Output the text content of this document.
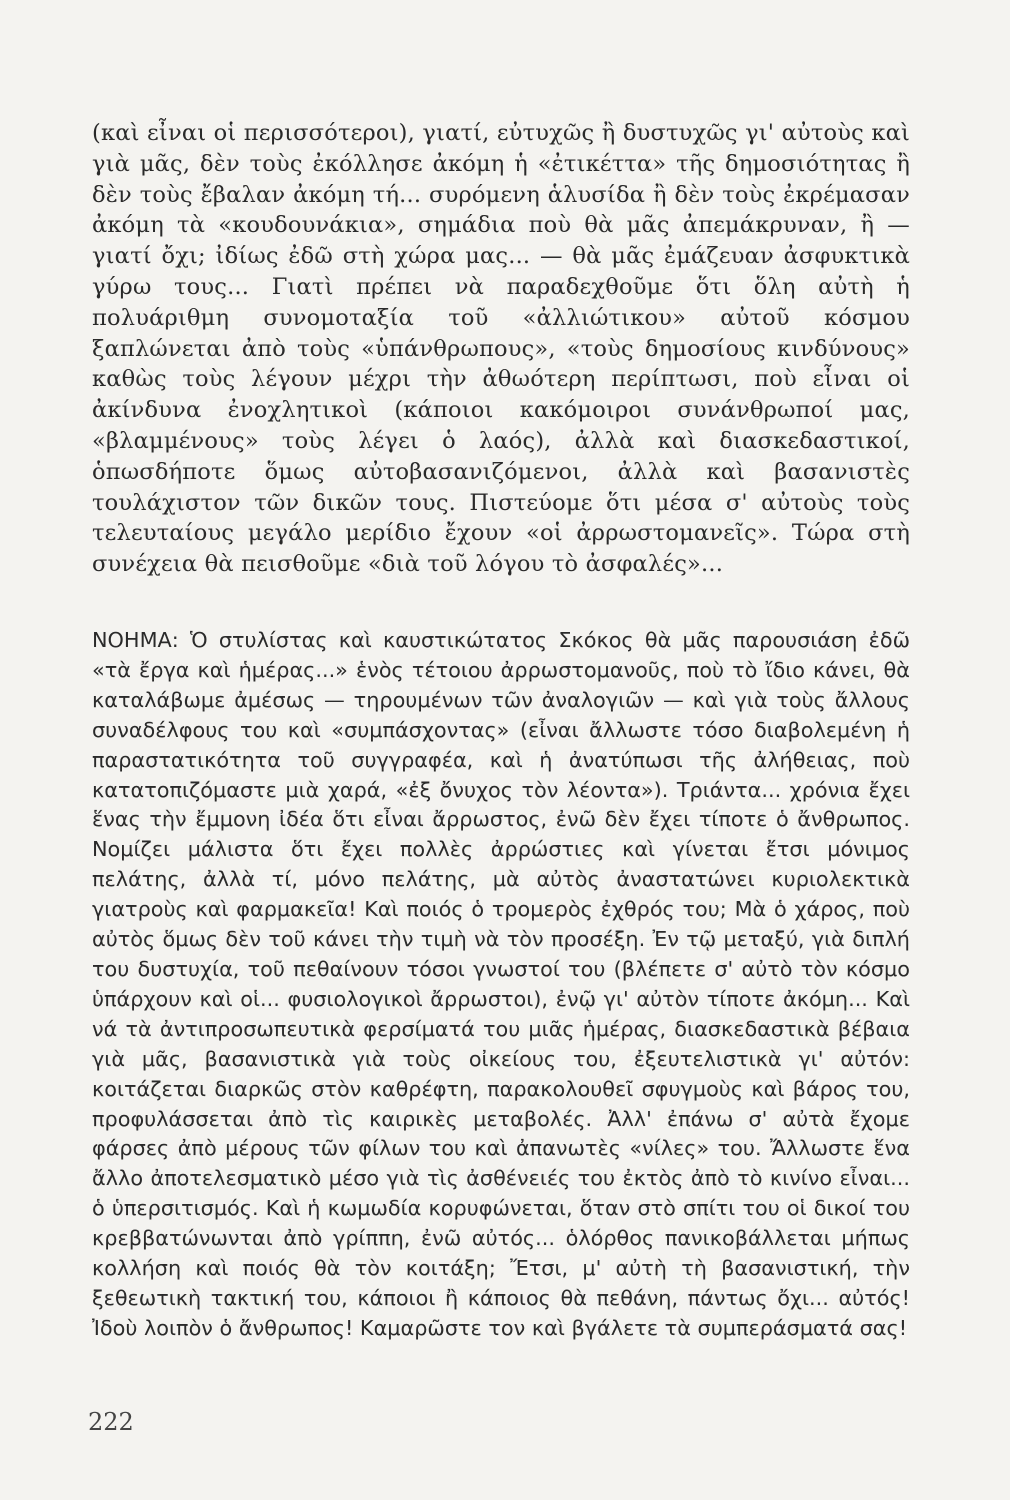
(καὶ εἶναι οἱ περισσότεροι), γιατί, εὐτυχῶς ἢ δυστυχῶς γι' αὐτοὺς καὶ γιὰ μᾶς, δὲν τοὺς ἐκόλλησε ἀκόμη ἡ «ἐτικέττα» τῆς δημοσιότητας ἢ δὲν τοὺς ἔβαλαν ἀκόμη τή... συρόμενη ἁλυσίδα ἢ δὲν τοὺς ἐκρέμασαν ἀκόμη τὰ «κουδουνάκια», σημάδια ποὺ θὰ μᾶς ἀπεμάκρυναν, ἢ — γιατί ὄχι; ἰδίως ἐδῶ στὴ χώρα μας... — θὰ μᾶς ἐμάζευαν ἀσφυκτικὰ γύρω τους... Γιατὶ πρέπει νὰ παραδεχθοῦμε ὅτι ὅλη αὐτὴ ἡ πολυάριθμη συνομοταξία τοῦ «ἀλλιώτικου» αὐτοῦ κόσμου ξαπλώνεται ἀπὸ τοὺς «ὑπάνθρωπους», «τοὺς δημοσίους κινδύνους» καθὼς τοὺς λέγουν μέχρι τὴν ἀθωότερη περίπτωσι, ποὺ εἶναι οἱ ἀκίνδυνα ἐνοχλητικοὶ (κάποιοι κακόμοιροι συνάνθρωποί μας, «βλαμμένους» τοὺς λέγει ὁ λαός), ἀλλὰ καὶ διασκεδαστικοί, ὁπωσδήποτε ὅμως αὐτοβασανιζόμενοι, ἀλλὰ καὶ βασανιστὲς τουλάχιστον τῶν δικῶν τους. Πιστεύομε ὅτι μέσα σ' αὐτοὺς τοὺς τελευταίους μεγάλο μερίδιο ἔχουν «οἱ ἀρρωστομανεῖς». Τώρα στὴ συνέχεια θὰ πεισθοῦμε «διὰ τοῦ λόγου τὸ ἀσφαλές»...

ΝΟΗΜΑ: Ὁ στυλίστας καὶ καυστικώτατος Σκόκος θὰ μᾶς παρουσιάση ἐδῶ «τὰ ἔργα καὶ ἡμέρας...» ἑνὸς τέτοιου ἀρρωστομανοῦς, ποὺ τὸ ἴδιο κάνει, θὰ καταλάβωμε ἀμέσως — τηρουμένων τῶν ἀναλογιῶν — καὶ γιὰ τοὺς ἄλλους συναδέλφους του καὶ «συμπάσχοντας» (εἶναι ἄλλωστε τόσο διαβολεμένη ἡ παραστατικότητα τοῦ συγγραφέα, καὶ ἡ ἀνατύπωσι τῆς ἀλήθειας, ποὺ κατατοπιζόμαστε μιὰ χαρά, «ἐξ ὄνυχος τὸν λέοντα»). Τριάντα... χρόνια ἔχει ἕνας τὴν ἔμμονη ἰδέα ὅτι εἶναι ἄρρωστος, ἐνῶ δὲν ἔχει τίποτε ὁ ἄνθρωπος. Νομίζει μάλιστα ὅτι ἔχει πολλὲς ἀρρώστιες καὶ γίνεται ἔτσι μόνιμος πελάτης, ἀλλὰ τί, μόνο πελάτης, μὰ αὐτὸς ἀναστατώνει κυριολεκτικὰ γιατροὺς καὶ φαρμακεῖα! Καὶ ποιός ὁ τρομερὸς ἐχθρός του; Μὰ ὁ χάρος, ποὺ αὐτὸς ὅμως δὲν τοῦ κάνει τὴν τιμὴ νὰ τὸν προσέξη. Ἐν τῷ μεταξύ, γιὰ διπλή του δυστυχία, τοῦ πεθαίνουν τόσοι γνωστοί του (βλέπετε σ' αὐτὸ τὸν κόσμο ὑπάρχουν καὶ οἱ... φυσιολογικοὶ ἄρρωστοι), ἐνῷ γι' αὐτὸν τίποτε ἀκόμη... Καὶ νά τὰ ἀντιπροσωπευτικὰ φερσίματά του μιᾶς ἡμέρας, διασκεδαστικὰ βέβαια γιὰ μᾶς, βασανιστικὰ γιὰ τοὺς οἰκείους του, ἐξευτελιστικὰ γι' αὐτόν: κοιτάζεται διαρκῶς στὸν καθρέφτη, παρακολουθεῖ σφυγμοὺς καὶ βάρος του, προφυλάσσεται ἀπὸ τὶς καιρικὲς μεταβολές. Ἀλλ' ἐπάνω σ' αὐτὰ ἔχομε φάρσες ἀπὸ μέρους τῶν φίλων του καὶ ἀπανωτὲς «νίλες» του. Ἄλλωστε ἕνα ἄλλο ἀποτελεσματικὸ μέσο γιὰ τὶς ἀσθένειές του ἐκτὸς ἀπὸ τὸ κινίνο εἶναι... ὁ ὑπερσιτισμός. Καὶ ἡ κωμωδία κορυφώνεται, ὅταν στὸ σπίτι του οἱ δικοί του κρεββατώνωνται ἀπὸ γρίππη, ἐνῶ αὐτός... ὁλόρθος πανικοβάλλεται μήπως κολλήση καὶ ποιός θὰ τὸν κοιτάξη; Ἔτσι, μ' αὐτὴ τὴ βασανιστική, τὴν ξεθεωτικὴ τακτική του, κάποιοι ἢ κάποιος θὰ πεθάνη, πάντως ὄχι... αὐτός! Ἰδοὺ λοιπὸν ὁ ἄνθρωπος! Καμαρῶστε τον καὶ βγάλετε τὰ συμπεράσματά σας!

222
